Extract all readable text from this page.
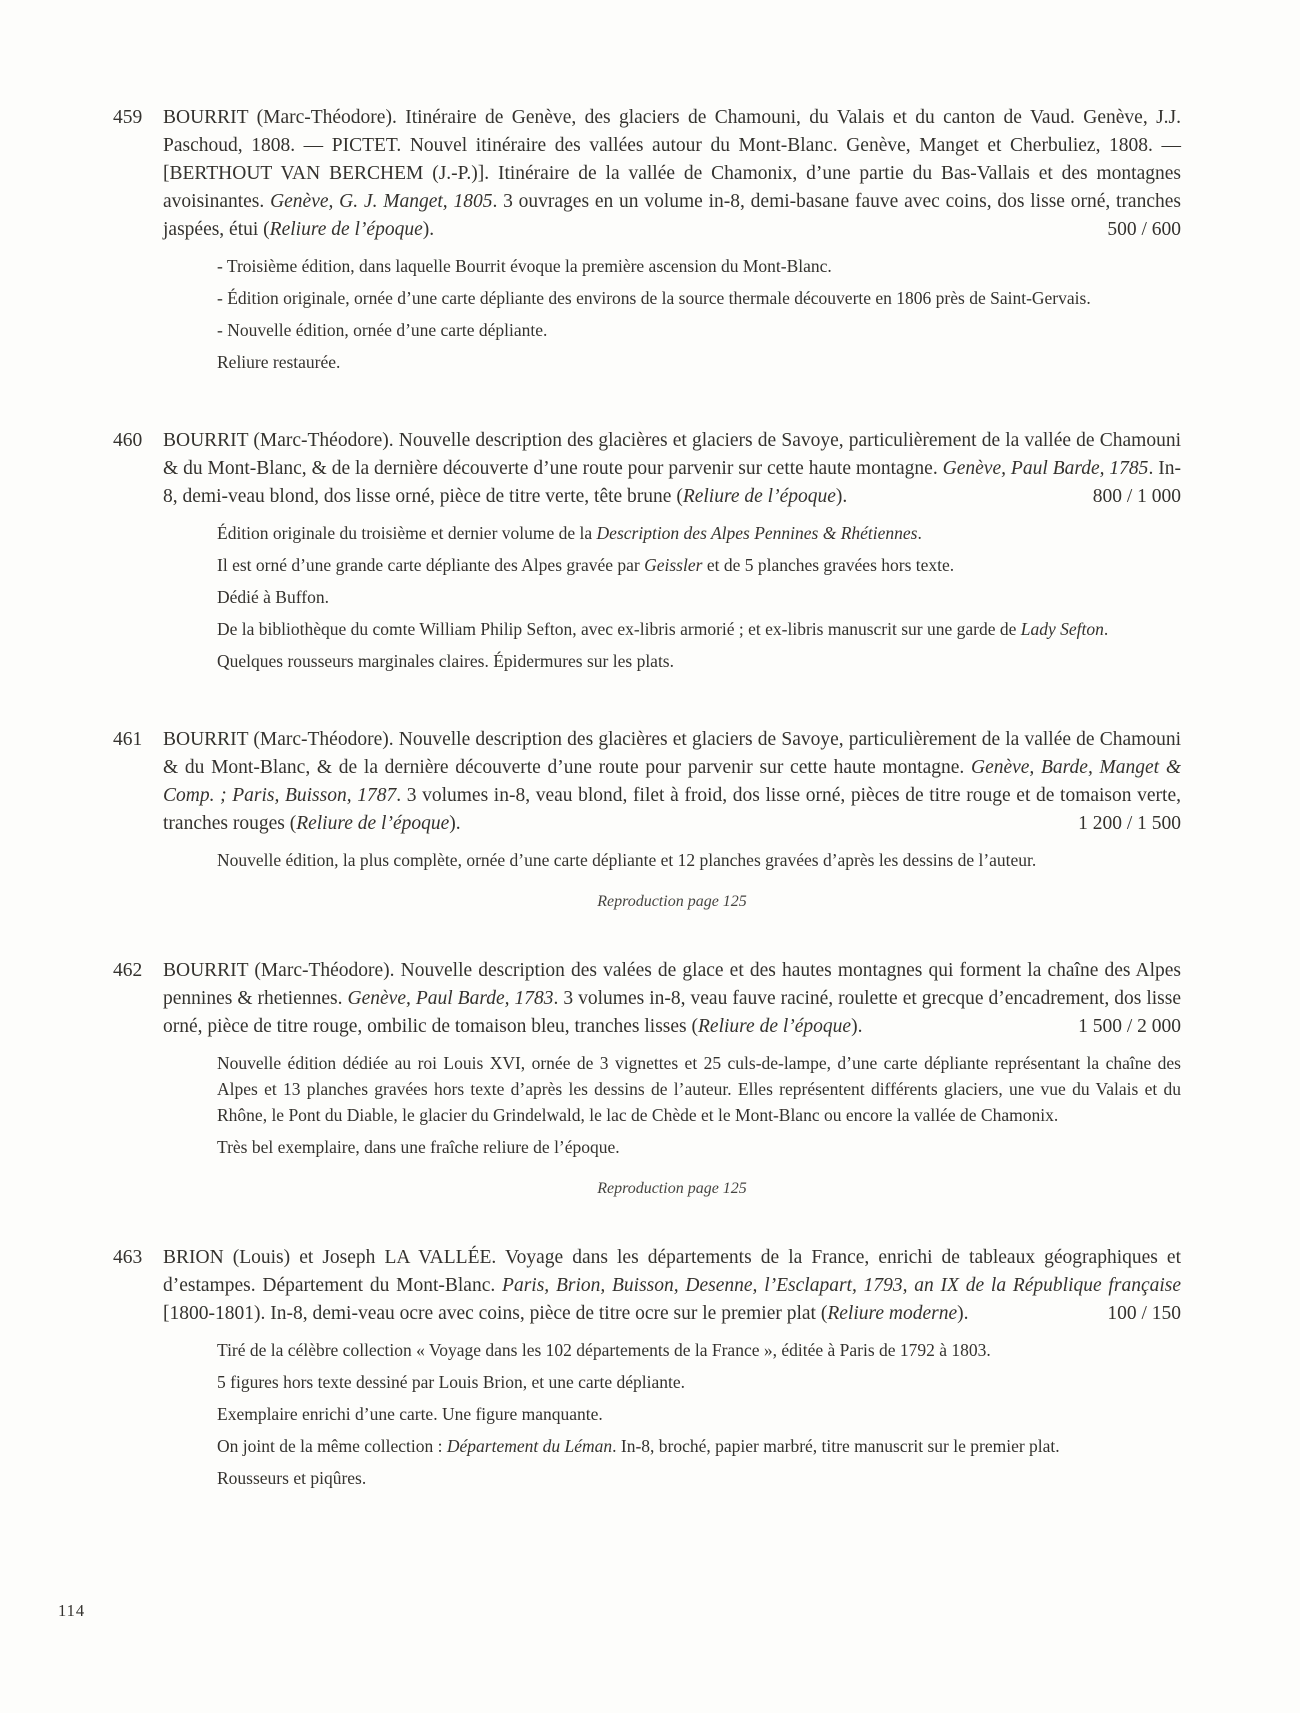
459	BOURRIT (Marc-Théodore). Itinéraire de Genève, des glaciers de Chamouni, du Valais et du canton de Vaud. Genève, J.J. Paschoud, 1808. — PICTET. Nouvel itinéraire des vallées autour du Mont-Blanc. Genève, Manget et Cherbuliez, 1808. — [BERTHOUT VAN BERCHEM (J.-P.)]. Itinéraire de la vallée de Chamonix, d’une partie du Bas-Vallais et des montagnes avoisinantes. Genève, G. J. Manget, 1805. 3 ouvrages en un volume in-8, demi-basane fauve avec coins, dos lisse orné, tranches jaspées, étui (Reliure de l’époque).	500 / 600

- Troisième édition, dans laquelle Bourrit évoque la première ascension du Mont-Blanc.

- Édition originale, ornée d’une carte dépliante des environs de la source thermale découverte en 1806 près de Saint-Gervais.

- Nouvelle édition, ornée d’une carte dépliante.

Reliure restaurée.

460	BOURRIT (Marc-Théodore). Nouvelle description des glacières et glaciers de Savoye, particulièrement de la vallée de Chamouni & du Mont-Blanc, & de la dernière découverte d’une route pour parvenir sur cette haute montagne. Genève, Paul Barde, 1785. In-8, demi-veau blond, dos lisse orné, pièce de titre verte, tête brune (Reliure de l’époque).	800 / 1 000

Édition originale du troisième et dernier volume de la Description des Alpes Pennines & Rhétiennes.

Il est orné d’une grande carte dépliante des Alpes gravée par Geissler et de 5 planches gravées hors texte.

Dédié à Buffon.

De la bibliothèque du comte William Philip Sefton, avec ex-libris armorié ; et ex-libris manuscrit sur une garde de Lady Sefton.

Quelques rousseurs marginales claires. Épidermures sur les plats.

461	BOURRIT (Marc-Théodore). Nouvelle description des glacières et glaciers de Savoye, particulièrement de la vallée de Chamouni & du Mont-Blanc, & de la dernière découverte d’une route pour parvenir sur cette haute montagne. Genève, Barde, Manget & Comp. ; Paris, Buisson, 1787. 3 volumes in-8, veau blond, filet à froid, dos lisse orné, pièces de titre rouge et de tomaison verte, tranches rouges (Reliure de l’époque).	1 200 / 1 500

Nouvelle édition, la plus complète, ornée d’une carte dépliante et 12 planches gravées d’après les dessins de l’auteur.

Reproduction page 125

462	BOURRIT (Marc-Théodore). Nouvelle description des valées de glace et des hautes montagnes qui forment la chaîne des Alpes pennines & rhetiennes. Genève, Paul Barde, 1783. 3 volumes in-8, veau fauve raciné, roulette et grecque d’encadrement, dos lisse orné, pièce de titre rouge, ombilic de tomaison bleu, tranches lisses (Reliure de l’époque).	1 500 / 2 000

Nouvelle édition dédiée au roi Louis XVI, ornée de 3 vignettes et 25 culs-de-lampe, d’une carte dépliante représentant la chaîne des Alpes et 13 planches gravées hors texte d’après les dessins de l’auteur. Elles représentent différents glaciers, une vue du Valais et du Rhône, le Pont du Diable, le glacier du Grindelwald, le lac de Chède et le Mont-Blanc ou encore la vallée de Chamonix.

Très bel exemplaire, dans une fraîche reliure de l’époque.

Reproduction page 125

463	BRION (Louis) et Joseph LA VALLÉE. Voyage dans les départements de la France, enrichi de tableaux géographiques et d’estampes. Département du Mont-Blanc. Paris, Brion, Buisson, Desenne, l’Esclapart, 1793, an IX de la République française [1800-1801). In-8, demi-veau ocre avec coins, pièce de titre ocre sur le premier plat (Reliure moderne).	100 / 150

Tiré de la célèbre collection « Voyage dans les 102 départements de la France », éditée à Paris de 1792 à 1803.

5 figures hors texte dessiné par Louis Brion, et une carte dépliante.

Exemplaire enrichi d’une carte. Une figure manquante.

On joint de la même collection : Département du Léman. In-8, broché, papier marbré, titre manuscrit sur le premier plat.

Rousseurs et piqûres.

114
